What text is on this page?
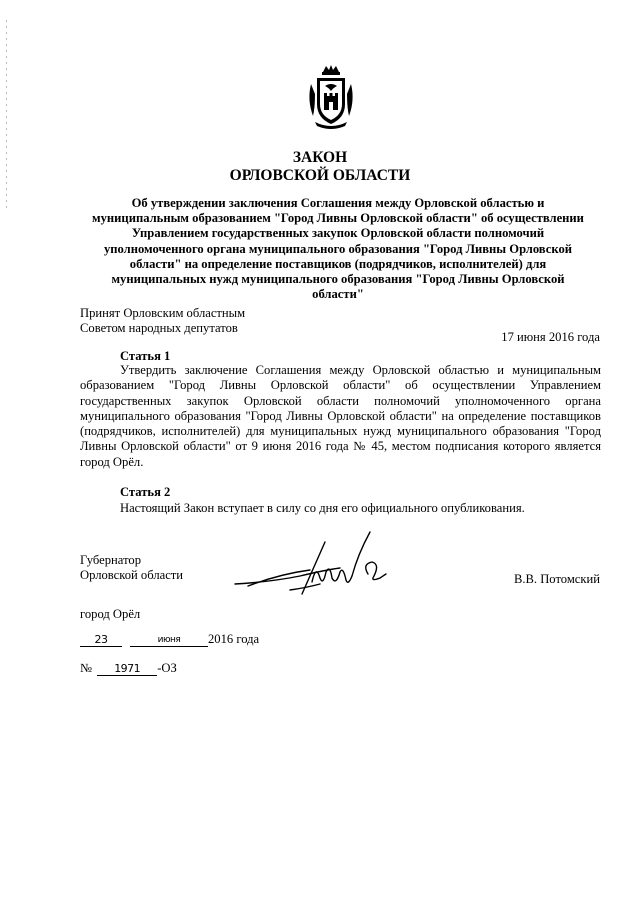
ЗАКОН
ОРЛОВСКОЙ ОБЛАСТИ
Об утверждении заключения Соглашения между Орловской областью и муниципальным образованием "Город Ливны Орловской области" об осуществлении Управлением государственных закупок Орловской области полномочий уполномоченного органа муниципального образования "Город Ливны Орловской области" на определение поставщиков (подрядчиков, исполнителей) для муниципальных нужд муниципального образования "Город Ливны Орловской области"
Принят Орловским областным
Советом народных депутатов
17 июня 2016 года
Статья 1
Утвердить заключение Соглашения между Орловской областью и муниципальным образованием "Город Ливны Орловской области" об осуществлении Управлением государственных закупок Орловской области полномочий уполномоченного органа муниципального образования "Город Ливны Орловской области" на определение поставщиков (подрядчиков, исполнителей) для муниципальных нужд муниципального образования "Город Ливны Орловской области" от 9 июня 2016 года № 45, местом подписания которого является город Орёл.
Статья 2
Настоящий Закон вступает в силу со дня его официального опубликования.
Губернатор
Орловской области	В.В. Потомский
город Орёл
23	июня 2016 года
№ 1971 -ОЗ
